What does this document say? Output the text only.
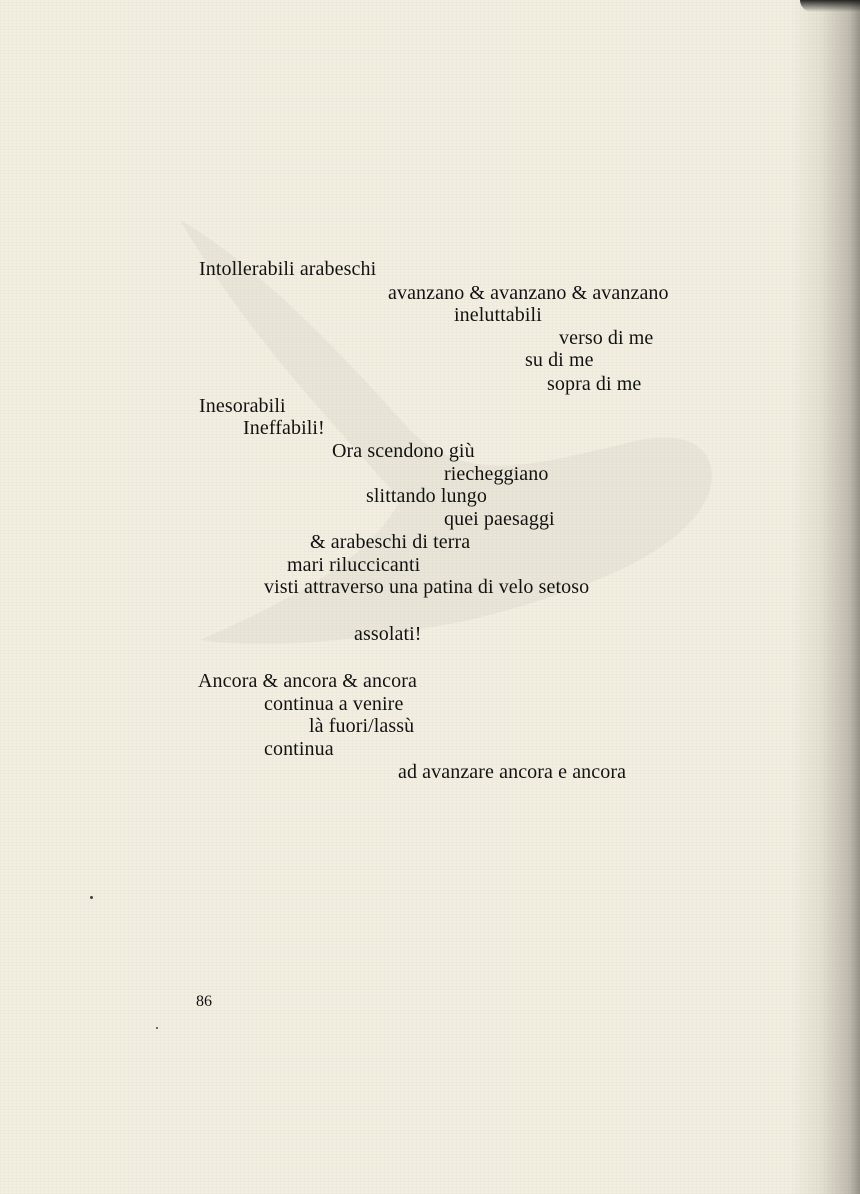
Intollerabili arabeschi

avanzano & avanzano & avanzano

ineluttabili

verso di me

su di me

sopra di me

Inesorabili

Ineffabili!

Ora scendono giù

riecheggiano

slittando lungo

quei paesaggi

& arabeschi di terra

mari riluccicanti

visti attraverso una patina di velo setoso

assolati!

Ancora & ancora & ancora

continua a venire

là fuori/lassù

continua

ad avanzare ancora e ancora

86
